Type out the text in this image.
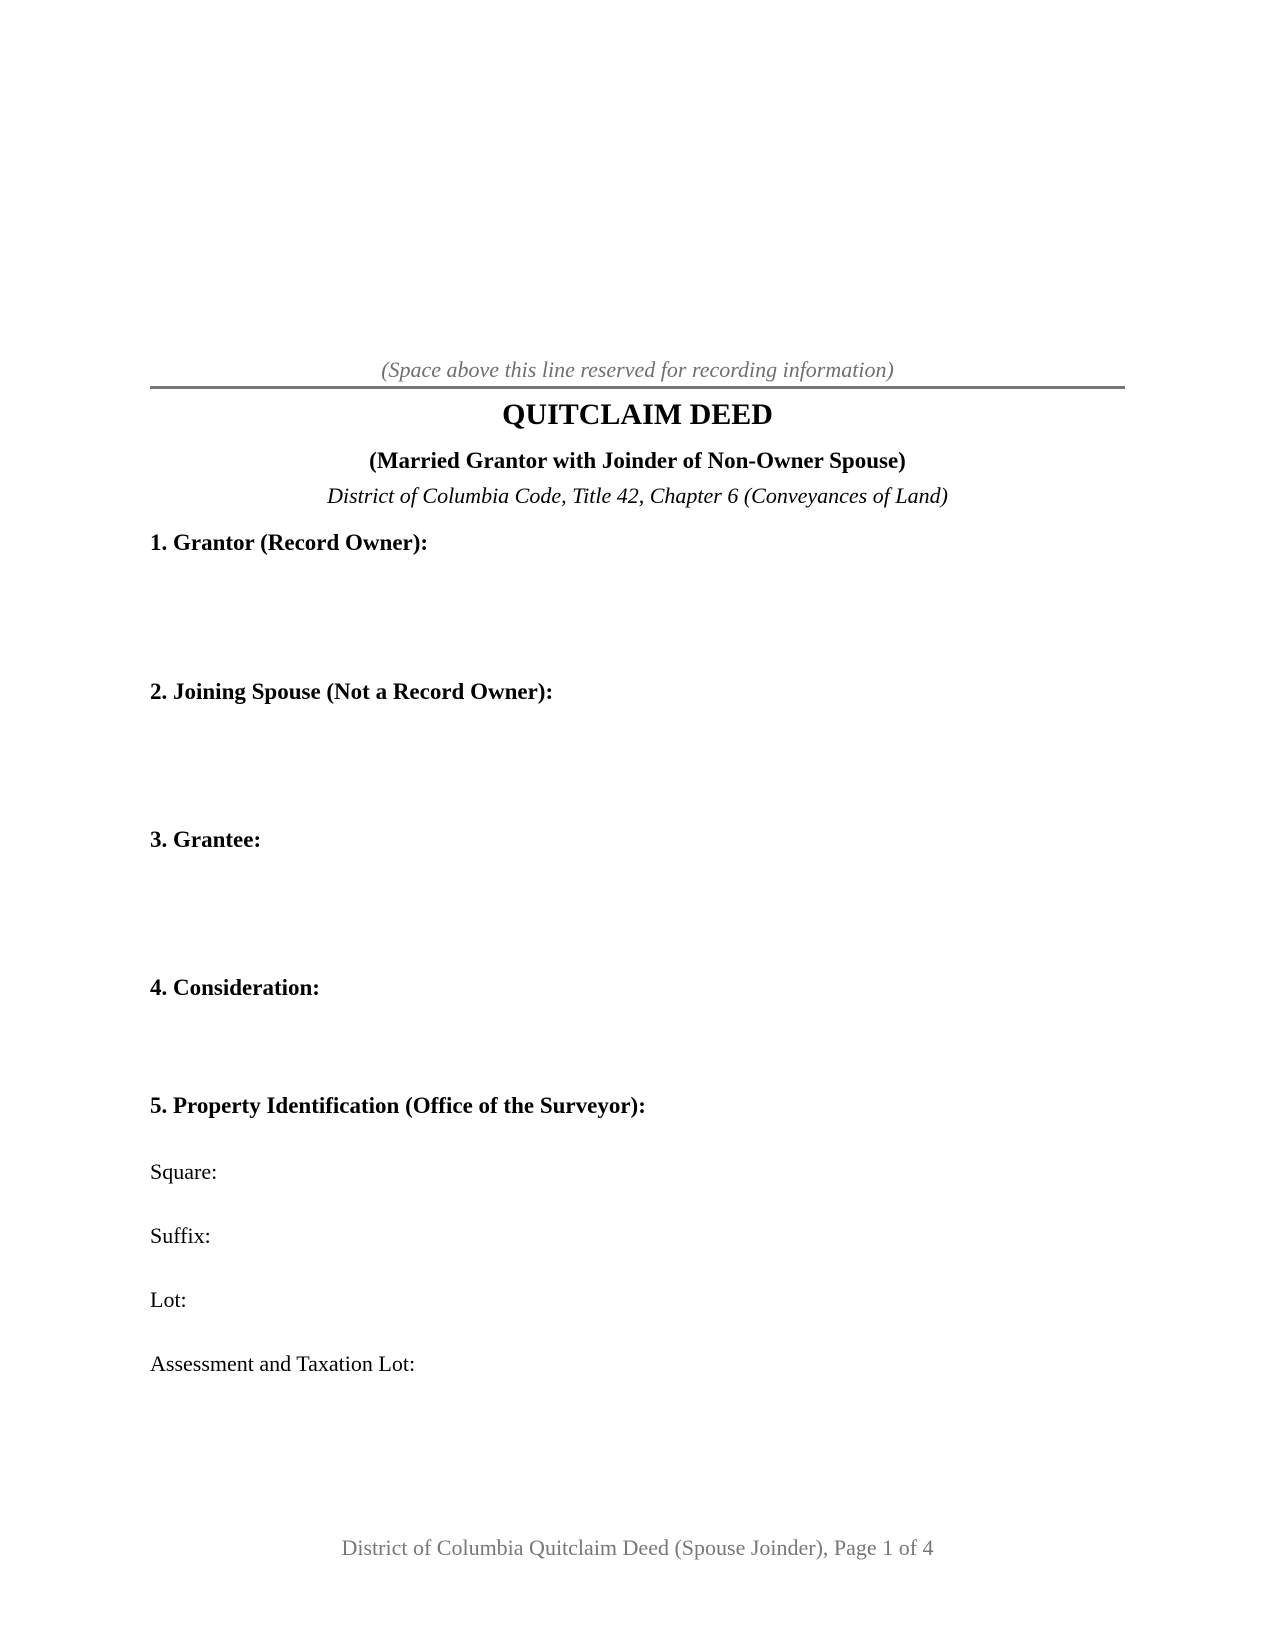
(Space above this line reserved for recording information)
QUITCLAIM DEED
(Married Grantor with Joinder of Non-Owner Spouse)
District of Columbia Code, Title 42, Chapter 6 (Conveyances of Land)
1. Grantor (Record Owner):
2. Joining Spouse (Not a Record Owner):
3. Grantee:
4. Consideration:
5. Property Identification (Office of the Surveyor):
Square:
Suffix:
Lot:
Assessment and Taxation Lot:
District of Columbia Quitclaim Deed (Spouse Joinder), Page 1 of 4
